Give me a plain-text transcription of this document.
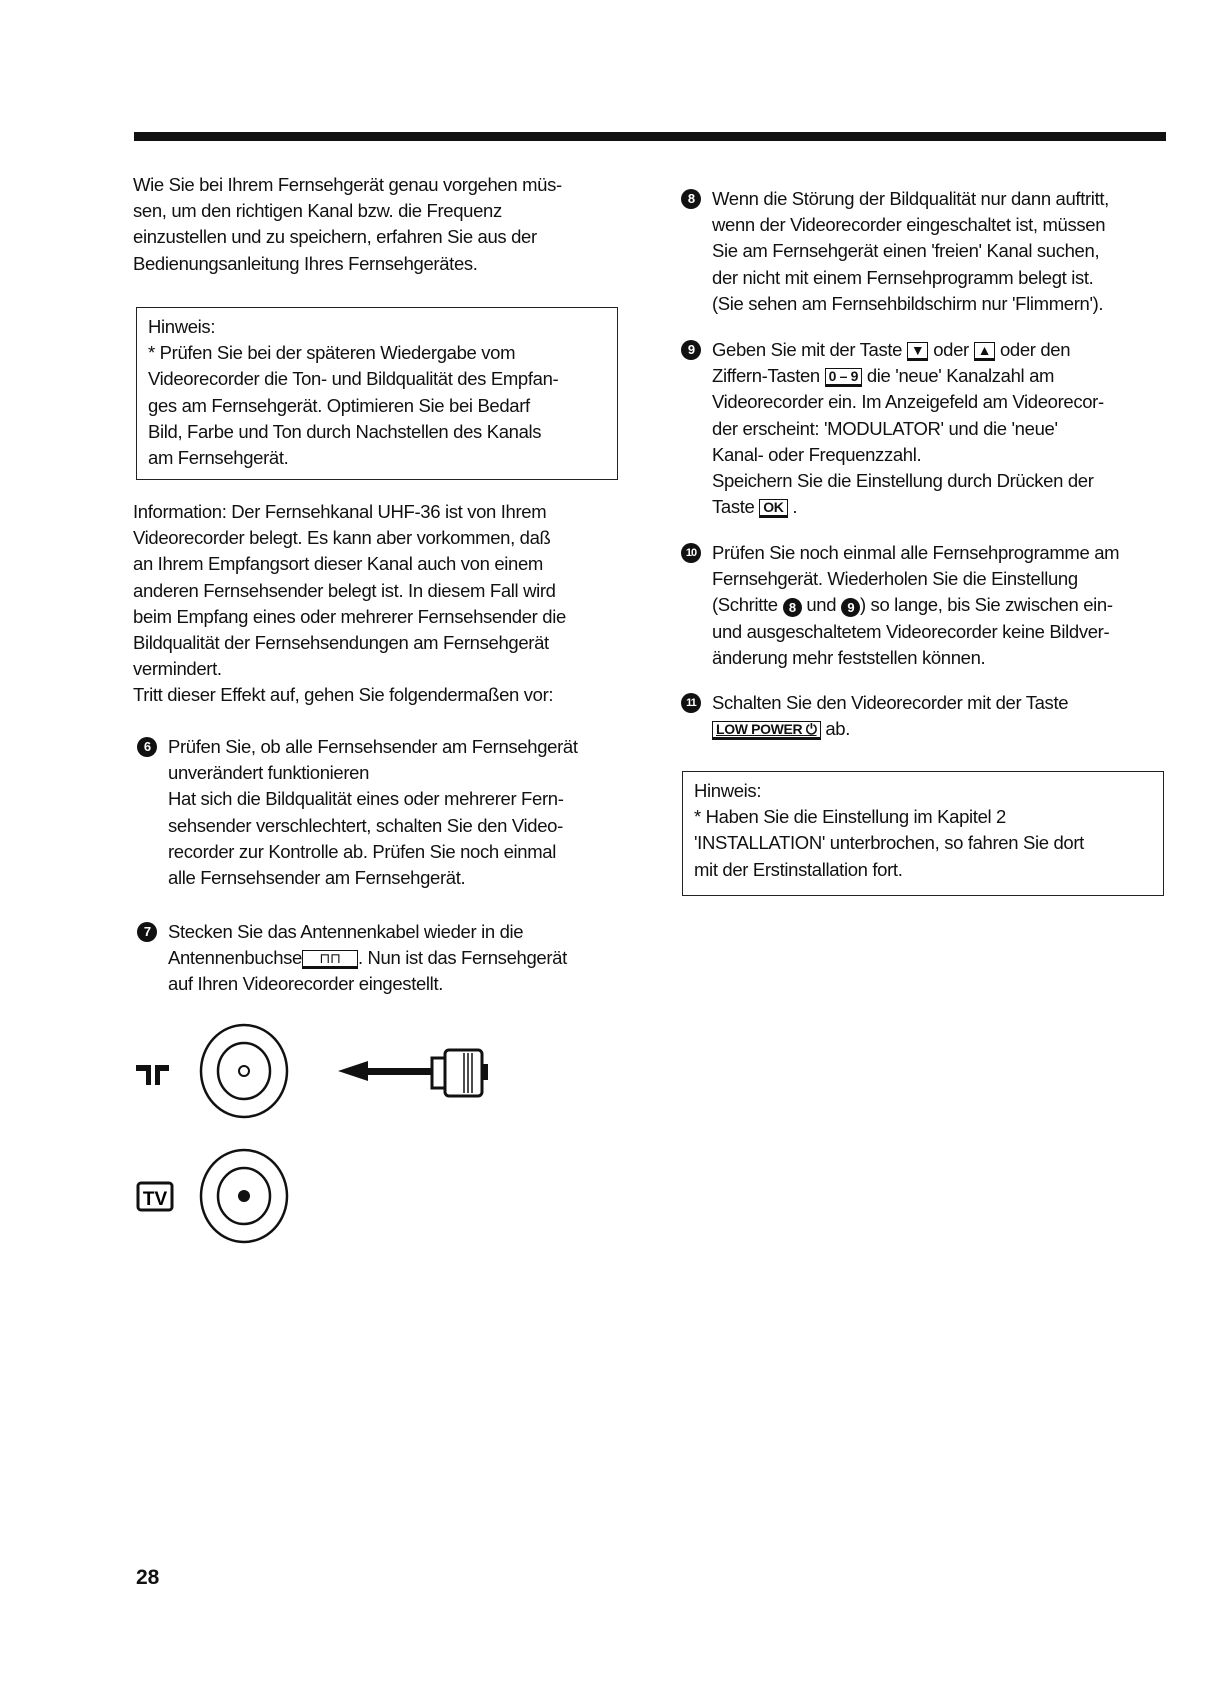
Wie Sie bei Ihrem Fernsehgerät genau vorgehen müs-
sen, um den richtigen Kanal bzw. die Frequenz
einzustellen und zu speichern, erfahren Sie aus der
Bedienungsanleitung Ihres Fernsehgerätes.
Hinweis:
* Prüfen Sie bei der späteren Wiedergabe vom
Videorecorder die Ton- und Bildqualität des Empfan-
ges am Fernsehgerät. Optimieren Sie bei Bedarf
Bild, Farbe und Ton durch Nachstellen des Kanals
am Fernsehgerät.
Information: Der Fernsehkanal UHF-36 ist von Ihrem
Videorecorder belegt. Es kann aber vorkommen, daß
an Ihrem Empfangsort dieser Kanal auch von einem
anderen Fernsehsender belegt ist. In diesem Fall wird
beim Empfang eines oder mehrerer Fernsehsender die
Bildqualität der Fernsehsendungen am Fernsehgerät
vermindert.
Tritt dieser Effekt auf, gehen Sie folgendermaßen vor:
6 Prüfen Sie, ob alle Fernsehsender am Fernsehgerät
unverändert funktionieren
Hat sich die Bildqualität eines oder mehrerer Fern-
sehsender verschlechtert, schalten Sie den Video-
recorder zur Kontrolle ab. Prüfen Sie noch einmal
alle Fernsehsender am Fernsehgerät.
7 Stecken Sie das Antennenkabel wieder in die
Antennenbuchse ⊓⊓ . Nun ist das Fernsehgerät
auf Ihren Videorecorder eingestellt.
TV
8 Wenn die Störung der Bildqualität nur dann auftritt,
wenn der Videorecorder eingeschaltet ist, müssen
Sie am Fernsehgerät einen 'freien' Kanal suchen,
der nicht mit einem Fernsehprogramm belegt ist.
(Sie sehen am Fernsehbildschirm nur 'Flimmern').
9 Geben Sie mit der Taste ▼ oder ▲ oder den
Ziffern-Tasten 0 – 9 die 'neue' Kanalzahl am
Videorecorder ein. Im Anzeigefeld am Videorecor-
der erscheint: 'MODULATOR' und die 'neue'
Kanal- oder Frequenzzahl.
Speichern Sie die Einstellung durch Drücken der
Taste OK .
10 Prüfen Sie noch einmal alle Fernsehprogramme am
Fernsehgerät. Wiederholen Sie die Einstellung
(Schritte 8 und 9 ) so lange, bis Sie zwischen ein-
und ausgeschaltetem Videorecorder keine Bildver-
änderung mehr feststellen können.
11 Schalten Sie den Videorecorder mit der Taste
LOW POWER ⏻ ab.
Hinweis:
* Haben Sie die Einstellung im Kapitel 2
'INSTALLATION' unterbrochen, so fahren Sie dort
mit der Erstinstallation fort.
28
